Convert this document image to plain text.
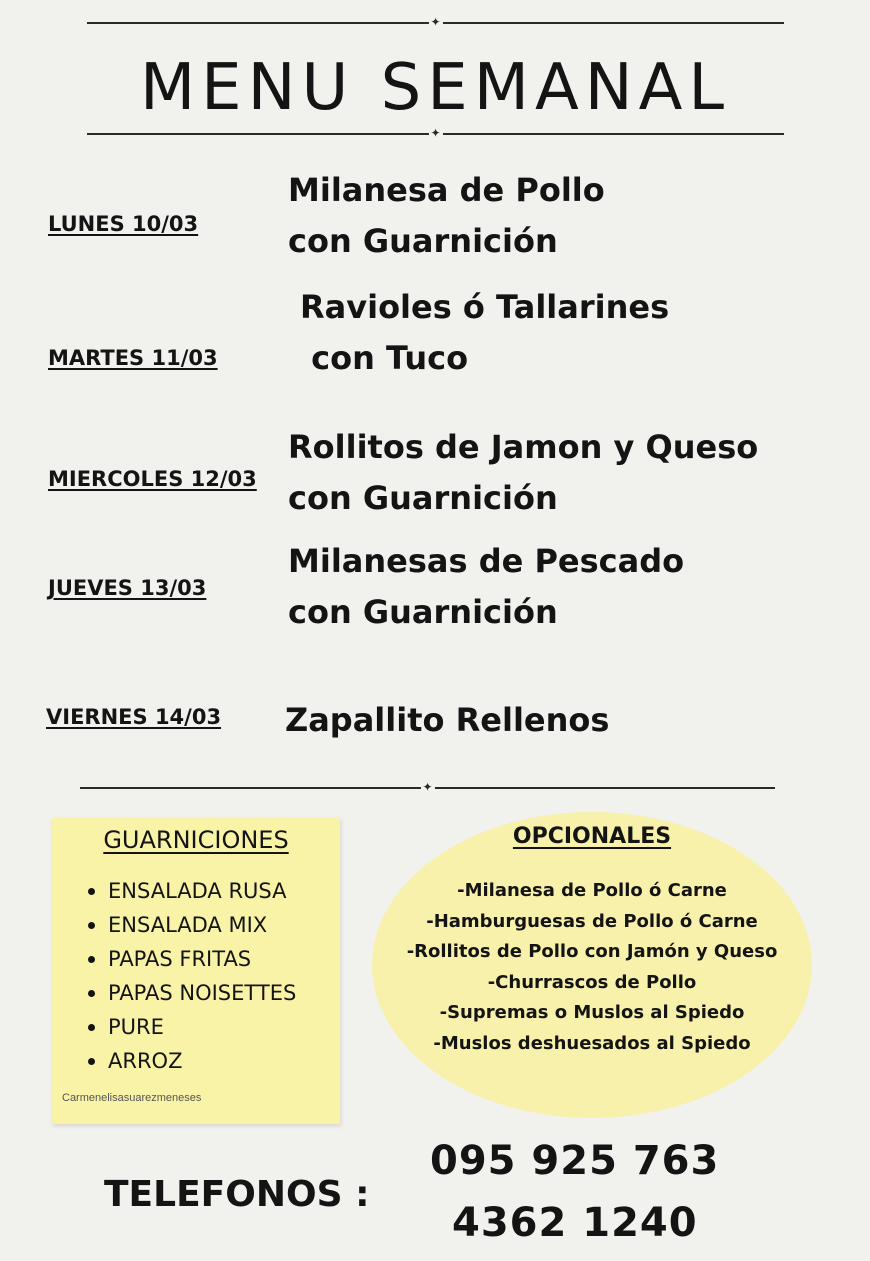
✦
MENU SEMANAL
✦
LUNES 10/03
Milanesa de Pollo
con Guarnición
MARTES 11/03
Ravioles ó Tallarines
con Tuco
MIERCOLES 12/03
Rollitos de Jamon y Queso
con Guarnición
JUEVES 13/03
Milanesas de Pescado
con Guarnición
VIERNES 14/03 Zapallito Rellenos
✦
GUARNICIONES
ENSALADA RUSA
ENSALADA MIX
PAPAS FRITAS
PAPAS NOISETTES
PURE
ARROZ
Carmenelisasuarezmeneses
OPCIONALES
-Milanesa de Pollo ó Carne
-Hamburguesas de Pollo ó Carne
-Rollitos de Pollo con Jamón y Queso
-Churrascos de Pollo
-Supremas o Muslos al Spiedo
-Muslos deshuesados al Spiedo
TELEFONOS :
095 925 763
4362 1240
